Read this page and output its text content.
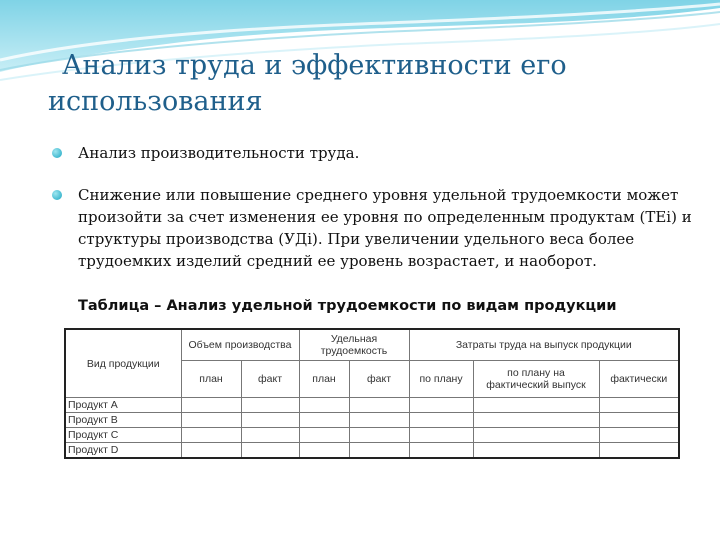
Анализ труда и эффективности его
использования
Анализ производительности труда.
Снижение или повышение среднего уровня удельной трудоемкости может произойти за счет изменения ее уровня по определенным продуктам (ТЕi) и структуры производства (УДi). При увеличении удельного веса более трудоемких изделий средний ее уровень возрастает, и наоборот.

Таблица – Анализ удельной трудоемкости по видам продукции

Вид продукции	Объем производства		Удельная трудоемкость		Затраты труда на выпуск продукции		
	план	факт	план	факт	по плану	по плану на фактический выпуск	фактически
Продукт А							
Продукт В							
Продукт С							
Продукт D							
